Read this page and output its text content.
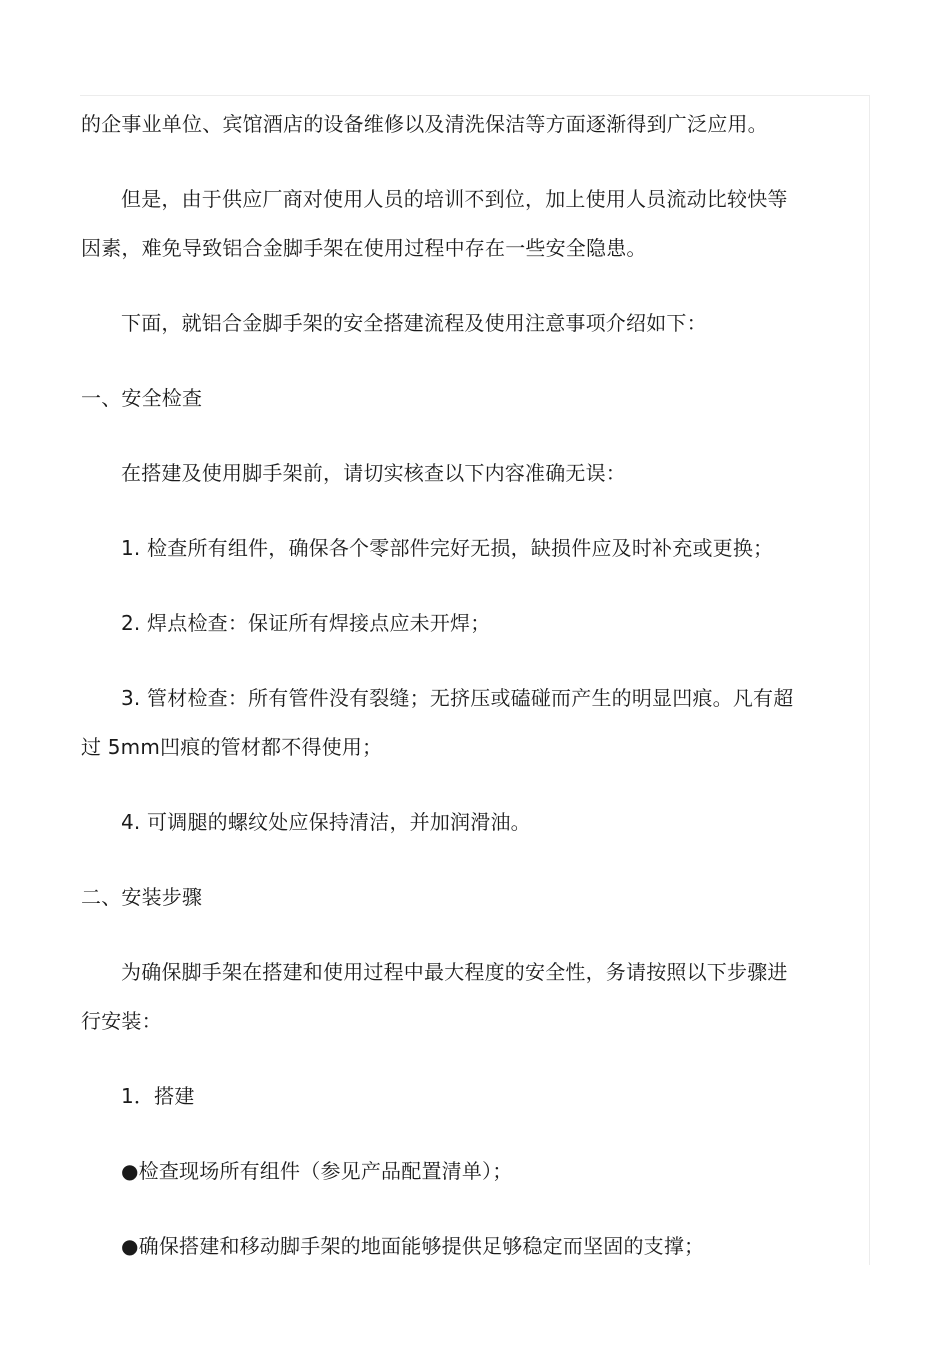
的企事业单位、宾馆酒店的设备维修以及清洗保洁等方面逐渐得到广泛应用。

但是，由于供应厂商对使用人员的培训不到位，加上使用人员流动比较快等
因素，难免导致铝合金脚手架在使用过程中存在一些安全隐患。

下面，就铝合金脚手架的安全搭建流程及使用注意事项介绍如下：

一、安全检查

在搭建及使用脚手架前，请切实核查以下内容准确无误：

1. 检查所有组件，确保各个零部件完好无损，缺损件应及时补充或更换；

2. 焊点检查：保证所有焊接点应未开焊；

3. 管材检查：所有管件没有裂缝；无挤压或磕碰而产生的明显凹痕。凡有超
过 5mm凹痕的管材都不得使用；

4. 可调腿的螺纹处应保持清洁，并加润滑油。

二、安装步骤

为确保脚手架在搭建和使用过程中最大程度的安全性，务请按照以下步骤进
行安装：

1．搭建

●检查现场所有组件（参见产品配置清单）；

●确保搭建和移动脚手架的地面能够提供足够稳定而坚固的支撑；
